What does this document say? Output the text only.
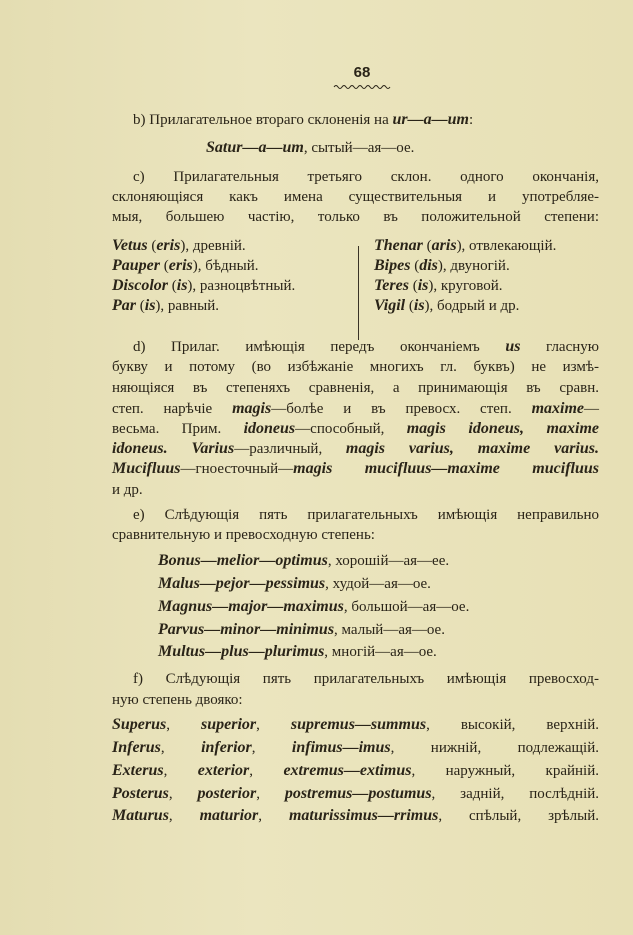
68
b) Прилагательное втораго склоненія на ur—a—um:
Satur—a—um, сытый—ая—ое.
c) Прилагательныя третьяго склон. одного окончанія,
склоняющіяся какъ имена существительныя и употребляе-
мыя, большею частію, только въ положительной степени:
Vetus (eris), древній.
Pauper (eris), бѣдный.
Discolor (is), разноцвѣтный.
Par (is), равный.
Thenar (aris), отвлекающій.
Bipes (dis), двуногій.
Teres (is), круговой.
Vigil (is), бодрый и др.
d) Прилаг. имѣющія передъ окончаніемъ us гласную
букву и потому (во избѣжаніе многихъ гл. буквъ) не измѣ-
няющіяся въ степеняхъ сравненія, а принимающія въ сравн.
степ. нарѣчіе magis—болѣе и въ превосх. степ. maxime—
весьма. Прим. idoneus—способный, magis idoneus, maxime
idoneus. Varius—различный, magis varius, maxime varius.
Mucifluus—гноесточный—magis mucifluus—maxime mucifluus
и др.
e) Слѣдующія пять прилагательныхъ имѣющія неправильно
сравнительную и превосходную степень:
Bonus—melior—optimus, хорошій—ая—ее.
Malus—pejor—pessimus, худой—ая—ое.
Magnus—major—maximus, большой—ая—ое.
Parvus—minor—minimus, малый—ая—ое.
Multus—plus—plurimus, многій—ая—ое.
f) Слѣдующія пять прилагательныхъ имѣющія превосход-
ную степень двояко:
Superus, superior, supremus—summus, высокій, верхній.
Inferus, inferior, infimus—imus, нижній, подлежащій.
Exterus, exterior, extremus—extimus, наружный, крайній.
Posterus, posterior, postremus—postumus, задній, послѣдній.
Maturus, maturior, maturissimus—rrimus, спѣлый, зрѣлый.
